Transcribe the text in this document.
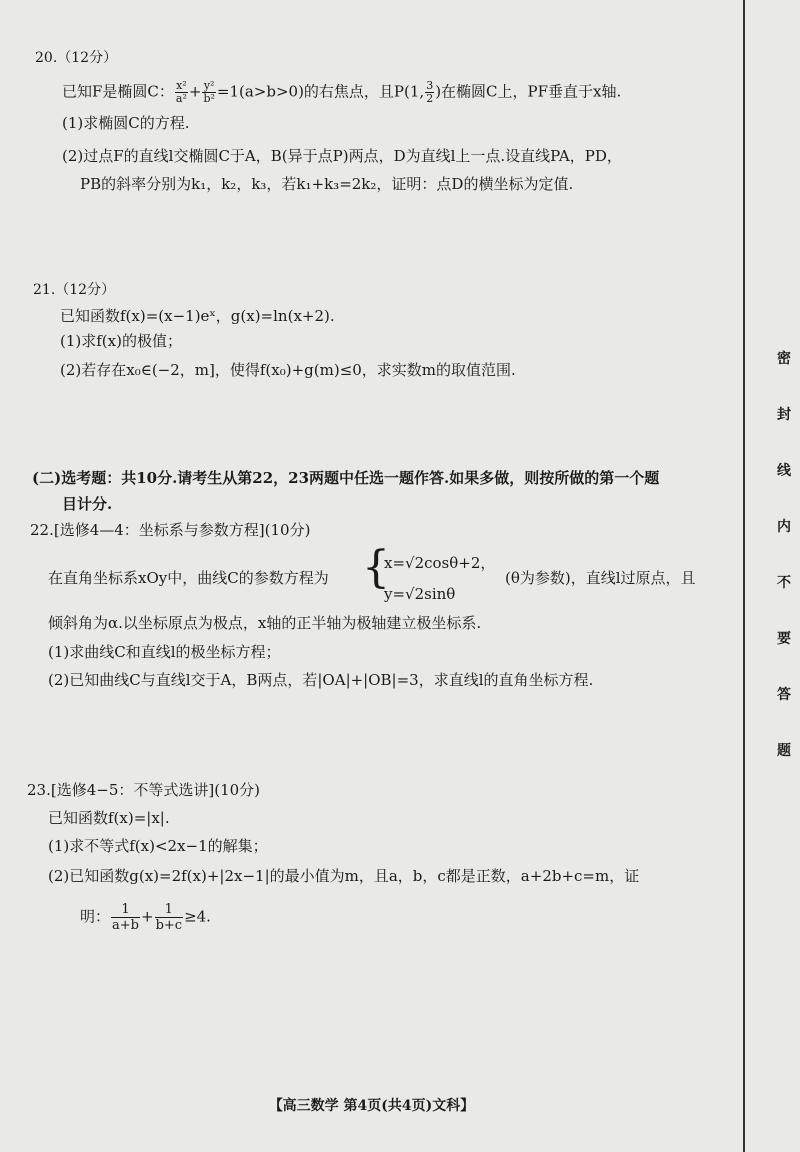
20.（12分）
已知F是椭圆C： $\frac{\text{x²}}{\text{a²}} + \frac{\text{y²}}{\text{b²}} =1(a>b>0)$的右焦点，且P(1, $\frac{3}{2}$ )在椭圆C上，PF垂直于x轴.
(1)求椭圆C的方程.
(2)过点F的直线l交椭圆C于A，B(异于点P)两点，D为直线l上一点.设直线PA，PD，
PB的斜率分别为k₁，k₂，k₃，若k₁+k₃=2k₂，证明：点D的横坐标为定值.
21.（12分）
已知函数f(x)=(x−1)eˣ，g(x)=ln(x+2).
(1)求f(x)的极值；
(2)若存在x₀∈(−2，m]，使得f(x₀)+g(m)≤0，求实数m的取值范围.
(二)选考题：共10分.请考生从第22，23两题中任选一题作答.如果多做，则按所做的第一个题
目计分.
22.[选修4—4：坐标系与参数方程](10分)
在直角坐标系xOy中，曲线C的参数方程为 {
x=√2cosθ+2，
y=√2sinθ
(θ为参数)，直线l过原点，且
倾斜角为α.以坐标原点为极点，x轴的正半轴为极轴建立极坐标系.
(1)求曲线C和直线l的极坐标方程；
(2)已知曲线C与直线l交于A，B两点，若|OA|+|OB|=3，求直线l的直角坐标方程.
23.[选修4−5：不等式选讲](10分)
已知函数f(x)=|x|.
(1)求不等式f(x)<2x−1的解集；
(2)已知函数g(x)=2f(x)+|2x−1|的最小值为m，且a，b，c都是正数，a+2b+c=m，证
明： $\frac{1}{a+b} + \frac{1}{b+c} \ge 4$.
【高三数学 第4页(共4页)文科】
密
封
线
内
不
要
答
题
